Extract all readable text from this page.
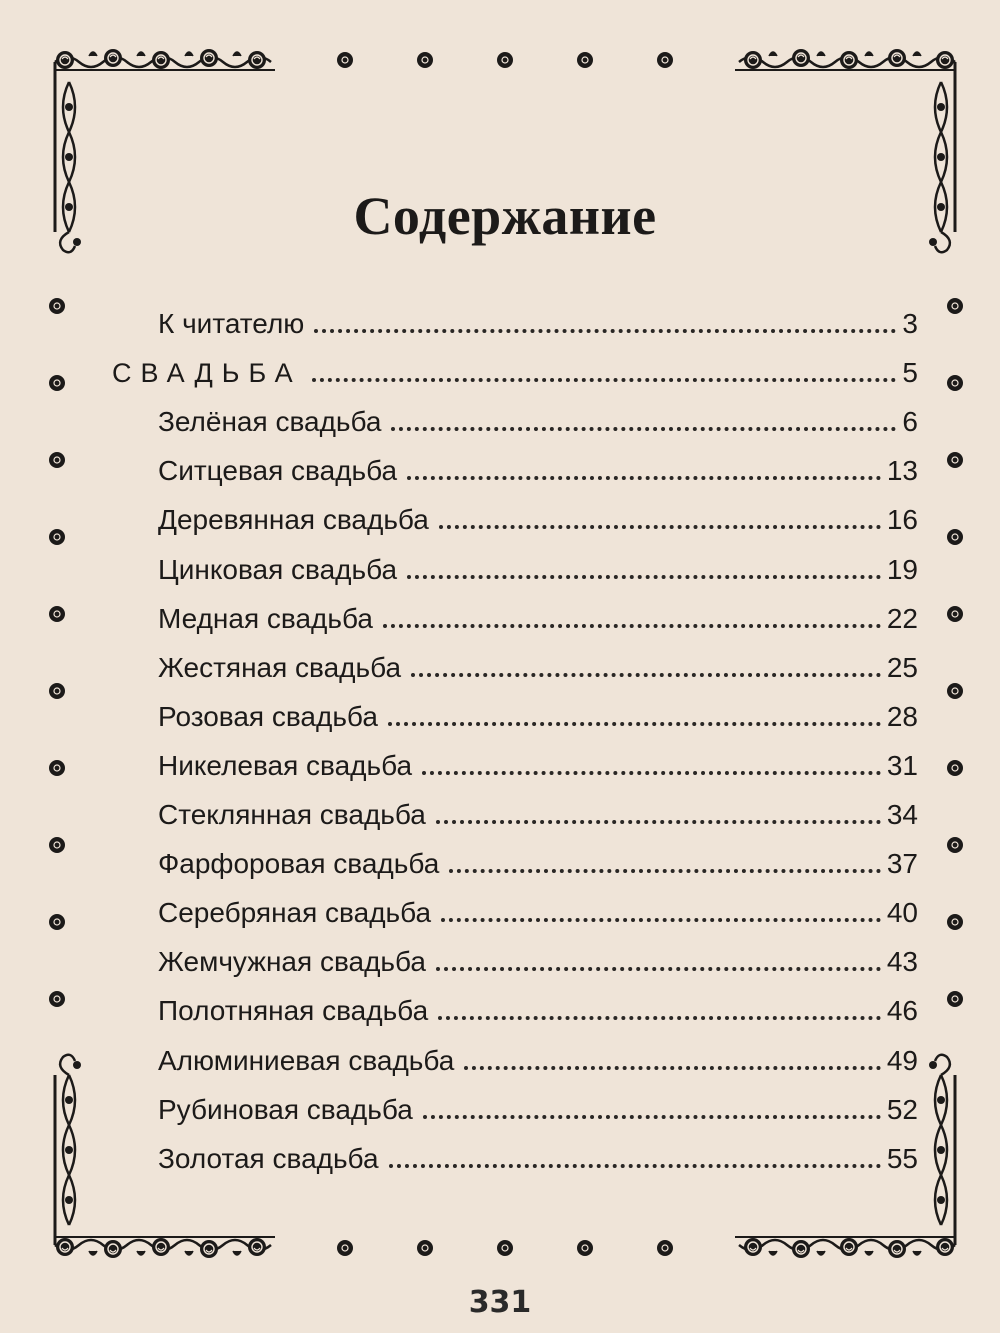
Содержание
К читателю	3
СВАДЬБА	5
Зелёная свадьба	6
Ситцевая свадьба	13
Деревянная свадьба	16
Цинковая свадьба	19
Медная свадьба	22
Жестяная свадьба	25
Розовая свадьба	28
Никелевая свадьба	31
Стеклянная свадьба	34
Фарфоровая свадьба	37
Серебряная свадьба	40
Жемчужная свадьба	43
Полотняная свадьба	46
Алюминиевая свадьба	49
Рубиновая свадьба	52
Золотая свадьба	55
331
